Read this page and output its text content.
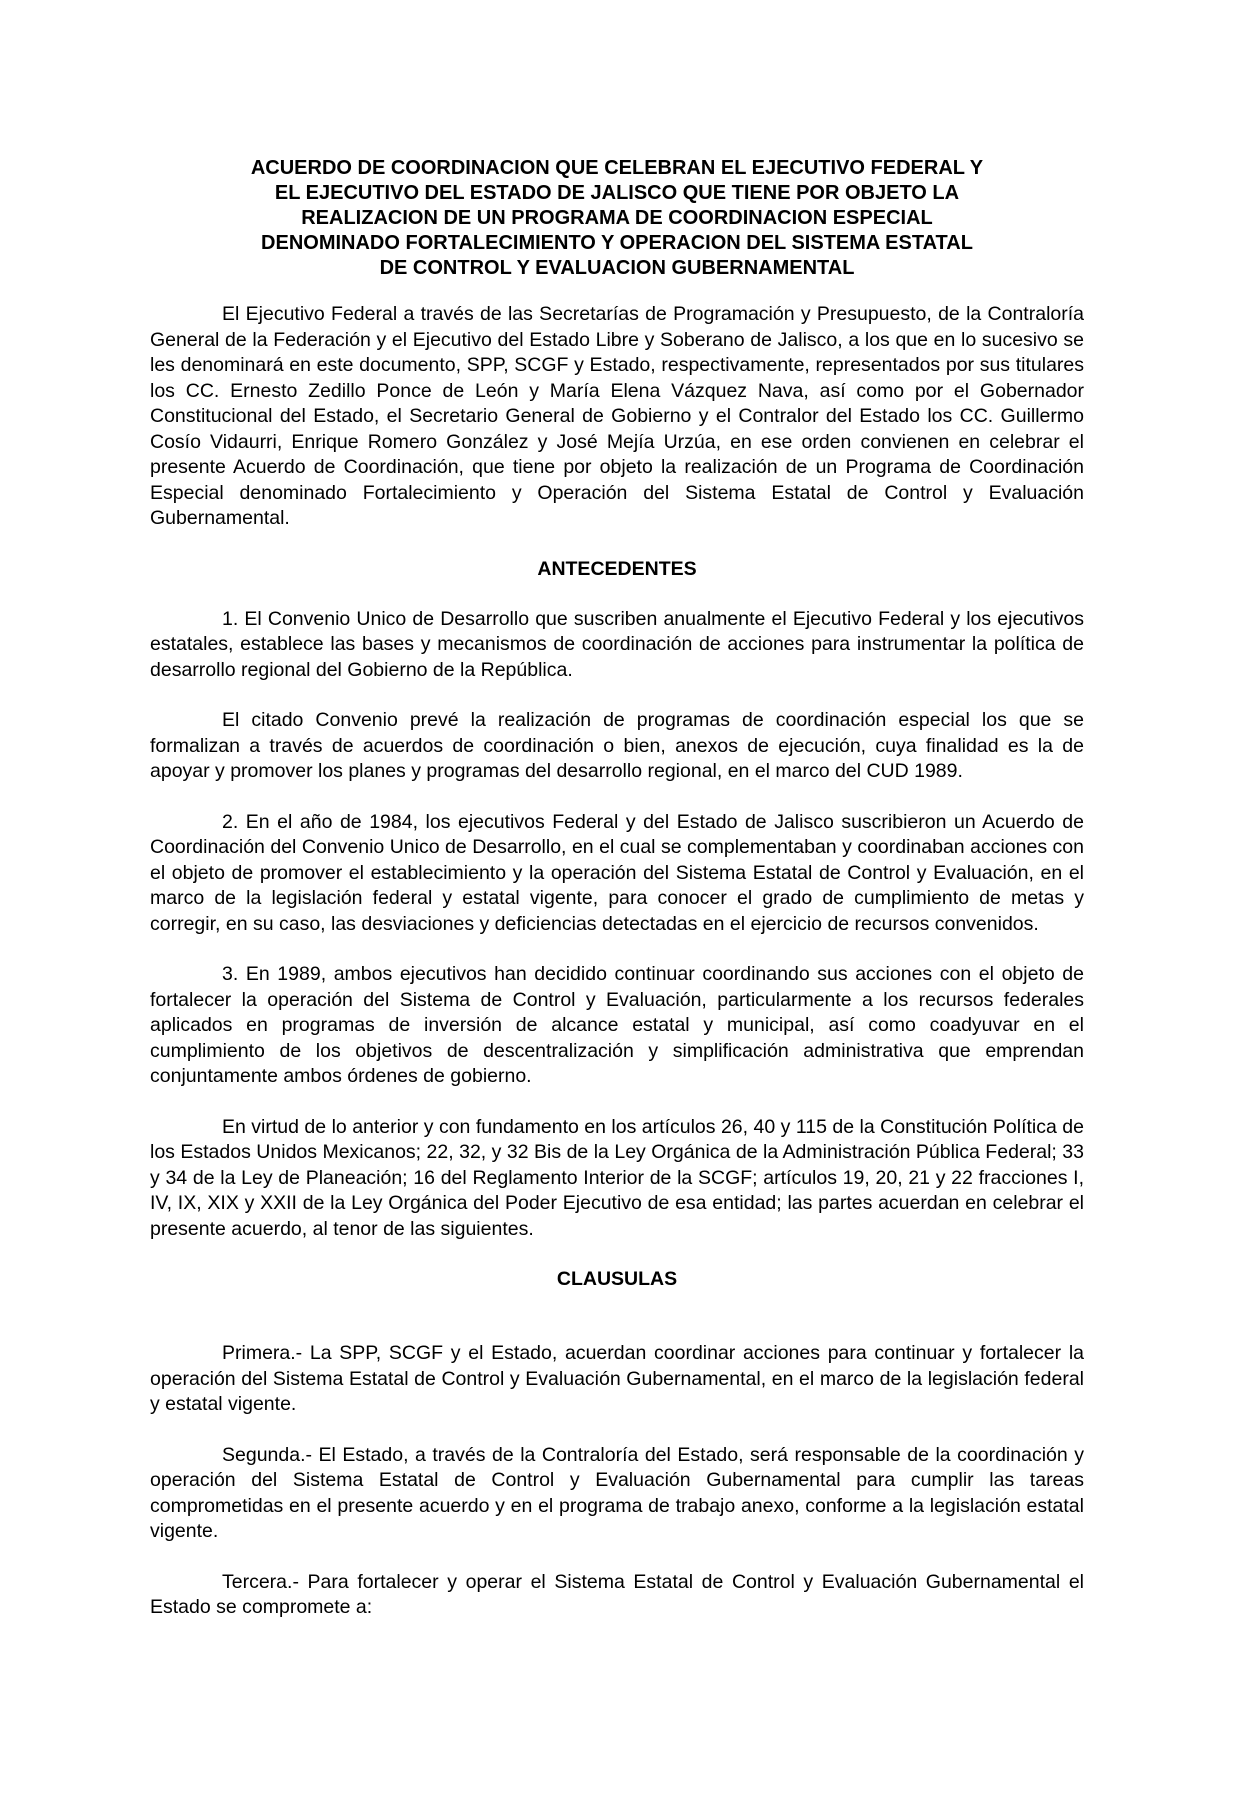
ACUERDO DE COORDINACION QUE CELEBRAN EL EJECUTIVO FEDERAL Y
EL EJECUTIVO DEL ESTADO DE JALISCO QUE TIENE POR OBJETO LA
REALIZACION DE UN PROGRAMA DE COORDINACION ESPECIAL
DENOMINADO FORTALECIMIENTO Y OPERACION DEL SISTEMA ESTATAL
DE CONTROL Y EVALUACION GUBERNAMENTAL

El Ejecutivo Federal a través de las Secretarías de Programación y Presupuesto, de la Contraloría General de la Federación y el Ejecutivo del Estado Libre y Soberano de Jalisco, a los que en lo sucesivo se les denominará en este documento, SPP, SCGF y Estado, respectivamente, representados por sus titulares los CC. Ernesto Zedillo Ponce de León y María Elena Vázquez Nava, así como por el Gobernador Constitucional del Estado, el Secretario General de Gobierno y el Contralor del Estado los CC. Guillermo Cosío Vidaurri, Enrique Romero González y José Mejía Urzúa, en ese orden convienen en celebrar el presente Acuerdo de Coordinación, que tiene por objeto la realización de un Programa de Coordinación Especial denominado Fortalecimiento y Operación del Sistema Estatal de Control y Evaluación Gubernamental.

ANTECEDENTES

1. El Convenio Unico de Desarrollo que suscriben anualmente el Ejecutivo Federal y los ejecutivos estatales, establece las bases y mecanismos de coordinación de acciones para instrumentar la política de desarrollo regional del Gobierno de la República.

El citado Convenio prevé la realización de programas de coordinación especial los que se formalizan a través de acuerdos de coordinación o bien, anexos de ejecución, cuya finalidad es la de apoyar y promover los planes y programas del desarrollo regional, en el marco del CUD 1989.

2. En el año de 1984, los ejecutivos Federal y del Estado de Jalisco suscribieron un Acuerdo de Coordinación del Convenio Unico de Desarrollo, en el cual se complementaban y coordinaban acciones con el objeto de promover el establecimiento y la operación del Sistema Estatal de Control y Evaluación, en el marco de la legislación federal y estatal vigente, para conocer el grado de cumplimiento de metas y corregir, en su caso, las desviaciones y deficiencias detectadas en el ejercicio de recursos convenidos.

3. En 1989, ambos ejecutivos han decidido continuar coordinando sus acciones con el objeto de fortalecer la operación del Sistema de Control y Evaluación, particularmente a los recursos federales aplicados en programas de inversión de alcance estatal y municipal, así como coadyuvar en el cumplimiento de los objetivos de descentralización y simplificación administrativa que emprendan conjuntamente ambos órdenes de gobierno.

En virtud de lo anterior y con fundamento en los artículos 26, 40 y 115 de la Constitución Política de los Estados Unidos Mexicanos; 22, 32, y 32 Bis de la Ley Orgánica de la Administración Pública Federal; 33 y 34 de la Ley de Planeación; 16 del Reglamento Interior de la SCGF; artículos 19, 20, 21 y 22 fracciones I, IV, IX, XIX y XXII de la Ley Orgánica del Poder Ejecutivo de esa entidad; las partes acuerdan en celebrar el presente acuerdo, al tenor de las siguientes.

CLAUSULAS

Primera.- La SPP, SCGF y el Estado, acuerdan coordinar acciones para continuar y fortalecer la operación del Sistema Estatal de Control y Evaluación Gubernamental, en el marco de la legislación federal y estatal vigente.

Segunda.- El Estado, a través de la Contraloría del Estado, será responsable de la coordinación y operación del Sistema Estatal de Control y Evaluación Gubernamental para cumplir las tareas comprometidas en el presente acuerdo y en el programa de trabajo anexo, conforme a la legislación estatal vigente.

Tercera.- Para fortalecer y operar el Sistema Estatal de Control y Evaluación Gubernamental el Estado se compromete a:
